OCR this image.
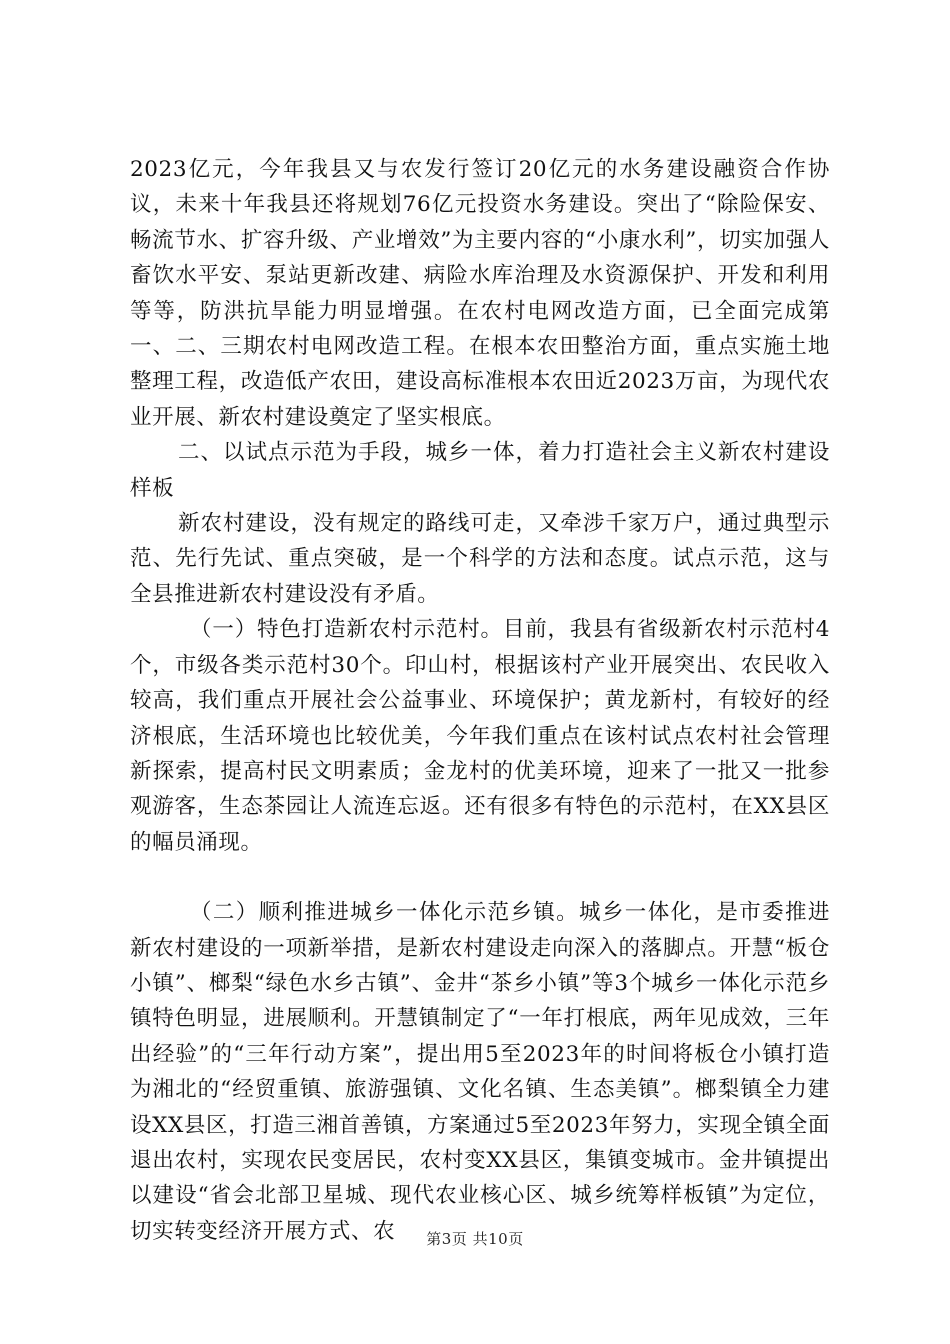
2023亿元，今年我县又与农发行签订20亿元的水务建设融资合作协议，未来十年我县还将规划76亿元投资水务建设。突出了“除险保安、畅流节水、扩容升级、产业增效”为主要内容的“小康水利”，切实加强人畜饮水平安、泵站更新改建、病险水库治理及水资源保护、开发和利用等等，防洪抗旱能力明显增强。在农村电网改造方面，已全面完成第一、二、三期农村电网改造工程。在根本农田整治方面，重点实施土地整理工程，改造低产农田，建设高标准根本农田近2023万亩，为现代农业开展、新农村建设奠定了坚实根底。

二、以试点示范为手段，城乡一体，着力打造社会主义新农村建设样板

新农村建设，没有规定的路线可走，又牵涉千家万户，通过典型示范、先行先试、重点突破，是一个科学的方法和态度。试点示范，这与全县推进新农村建设没有矛盾。

（一）特色打造新农村示范村。目前，我县有省级新农村示范村4个，市级各类示范村30个。印山村，根据该村产业开展突出、农民收入较高，我们重点开展社会公益事业、环境保护；黄龙新村，有较好的经济根底，生活环境也比较优美，今年我们重点在该村试点农村社会管理新探索，提高村民文明素质；金龙村的优美环境，迎来了一批又一批参观游客，生态茶园让人流连忘返。还有很多有特色的示范村，在XX县区的幅员涌现。

（二）顺利推进城乡一体化示范乡镇。城乡一体化，是市委推进新农村建设的一项新举措，是新农村建设走向深入的落脚点。开慧“板仓小镇”、榔梨“绿色水乡古镇”、金井“茶乡小镇”等3个城乡一体化示范乡镇特色明显，进展顺利。开慧镇制定了“一年打根底，两年见成效，三年出经验”的“三年行动方案”，提出用5至2023年的时间将板仓小镇打造为湘北的“经贸重镇、旅游强镇、文化名镇、生态美镇”。榔梨镇全力建设XX县区，打造三湘首善镇，方案通过5至2023年努力，实现全镇全面退出农村，实现农民变居民，农村变XX县区，集镇变城市。金井镇提出以建设“省会北部卫星城、现代农业核心区、城乡统筹样板镇”为定位，切实转变经济开展方式、农	第3页 共10页
